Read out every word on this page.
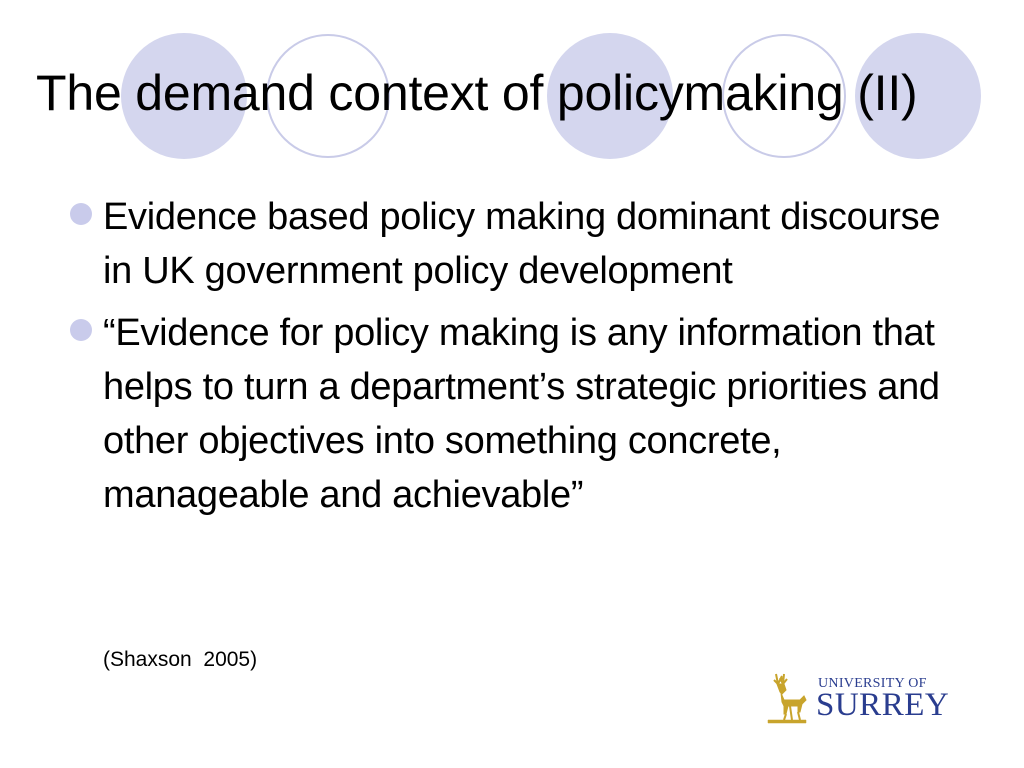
The demand context of policymaking (II)
Evidence based policy making dominant discourse in UK government policy development
“Evidence for policy making is any information that helps to turn a department’s strategic priorities and other objectives into something concrete, manageable and achievable”
(Shaxson  2005)
UNIVERSITY OF
SURREY
